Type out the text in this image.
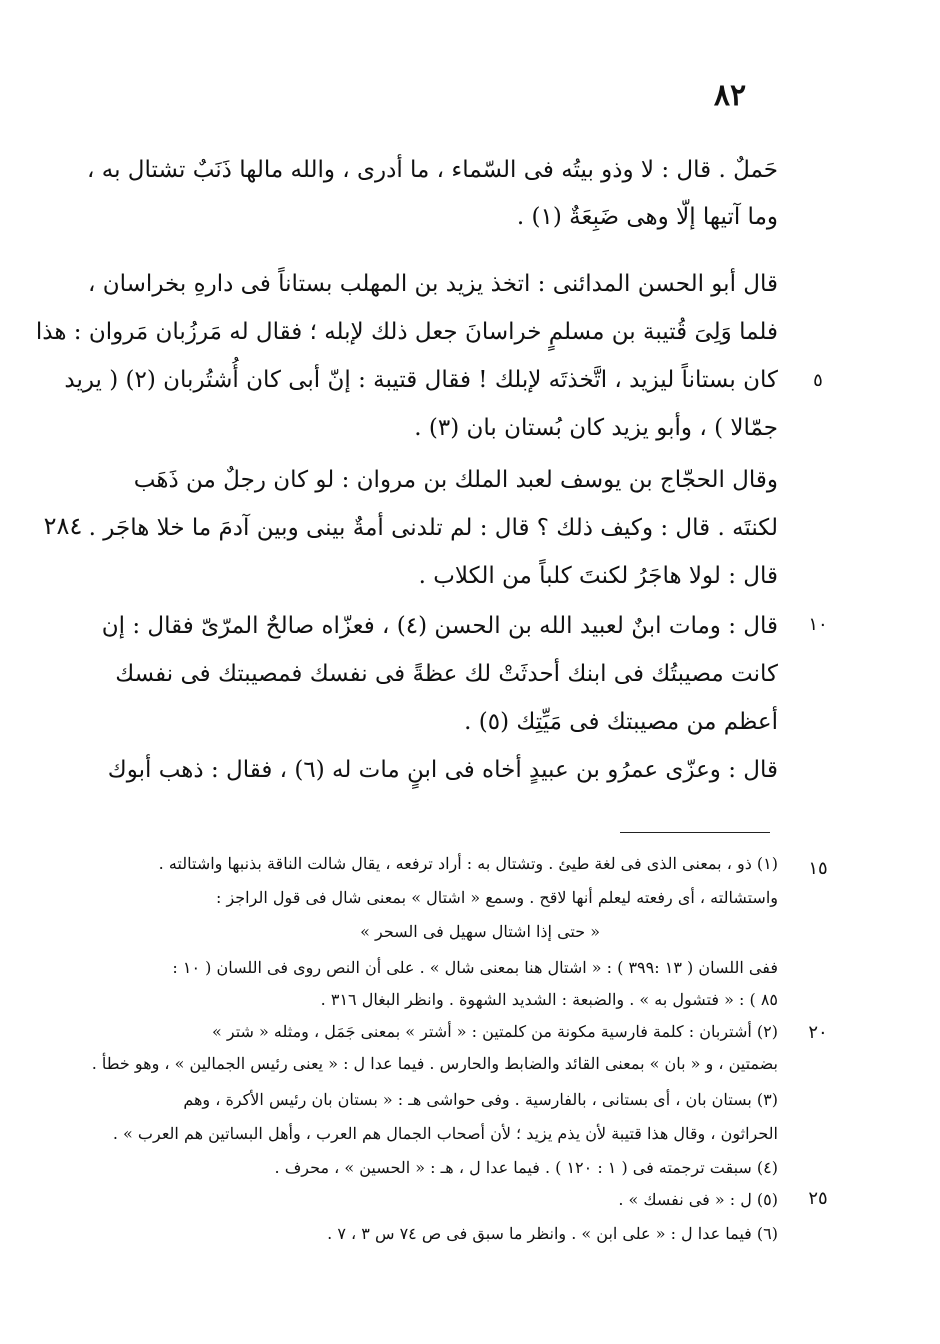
٨٢
حَملٌ . قال : لا وذو بيتُه فى السّماء ، ما أدرى ، والله مالها ذَنَبٌ تشتال به ،
وما آتيها إلّا وهى ضَبِعَةٌ (١) .
قال أبو الحسن المدائنى : اتخذ يزيد بن المهلب بستاناً فى دارهِ بخراسان ،
فلما وَلِىَ قُتيبة بن مسلمٍ خراسانَ جعل ذلك لإبله ؛ فقال له مَرزُبان مَروان : هذا
كان بستاناً ليزيد ، اتَّخذتَه لإبلك ! فقال قتيبة : إنّ أبى كان أُشتُربان (٢) ( يريد
جمّالا ) ، وأبو يزيد كان بُستان بان (٣) .
وقال الحجّاج بن يوسف لعبد الملك بن مروان : لو كان رجلٌ من ذَهَب
لكنتَه . قال : وكيف ذلك ؟ قال : لم تلدنى أمةٌ بينى وبين آدمَ ما خلا هاجَر .
قال : لولا هاجَرُ لكنتَ كلباً من الكلاب .
قال : ومات ابنٌ لعبيد الله بن الحسن (٤) ، فعزّاه صالحٌ المرّىّ فقال : إن
كانت مصيبتُك فى ابنك أحدثَتْ لك عظةً فى نفسك فمصيبتك فى نفسك
أعظم من مصيبتك فى مَيِّتِك (٥) .
قال : وعزّى عمرُو بن عبيدٍ أخاه فى ابنٍ مات له (٦) ، فقال : ذهب أبوك
٥
٢٨٤
١٠
١٥
٢٠
٢٥
(١) ذو ، بمعنى الذى فى لغة طيئ . وتشتال به : أراد ترفعه ، يقال شالت الناقة بذنبها واشتالته .
واستشالته ، أى رفعته ليعلم أنها لاقح . وسمع « اشتال » بمعنى شال فى قول الراجز :
« حتى إذا اشتال سهيل فى السحر »
ففى اللسان ( ١٣ :٣٩٩ ) : « اشتال هنا بمعنى شال » . على أن النص روى فى اللسان ( ١٠ :
٨٥ ) : « فتشول به » . والضبعة : الشديد الشهوة . وانظر البغال ٣١٦ .
(٢) أشتربان : كلمة فارسية مكونة من كلمتين : « أشتر » بمعنى جَمَل ، ومثله « شتر »
بضمتين ، و « بان » بمعنى القائد والضابط والحارس . فيما عدا ل : « يعنى رئيس الجمالين » ، وهو خطأ .
(٣) بستان بان ، أى بستانى ، بالفارسية . وفى حواشى هـ : « بستان بان رئيس الأكرة ، وهم
الحراثون ، وقال هذا قتيبة لأن يذم يزيد ؛ لأن أصحاب الجمال هم العرب ، وأهل البساتين هم العرب » .
(٤) سبقت ترجمته فى ( ١ : ١٢٠ ) . فيما عدا ل ، هـ : « الحسين » ، محرف .
(٥) ل : « فى نفسك » .
(٦) فيما عدا ل : « على ابن » . وانظر ما سبق فى ص ٧٤ س ٣ ، ٧ .
